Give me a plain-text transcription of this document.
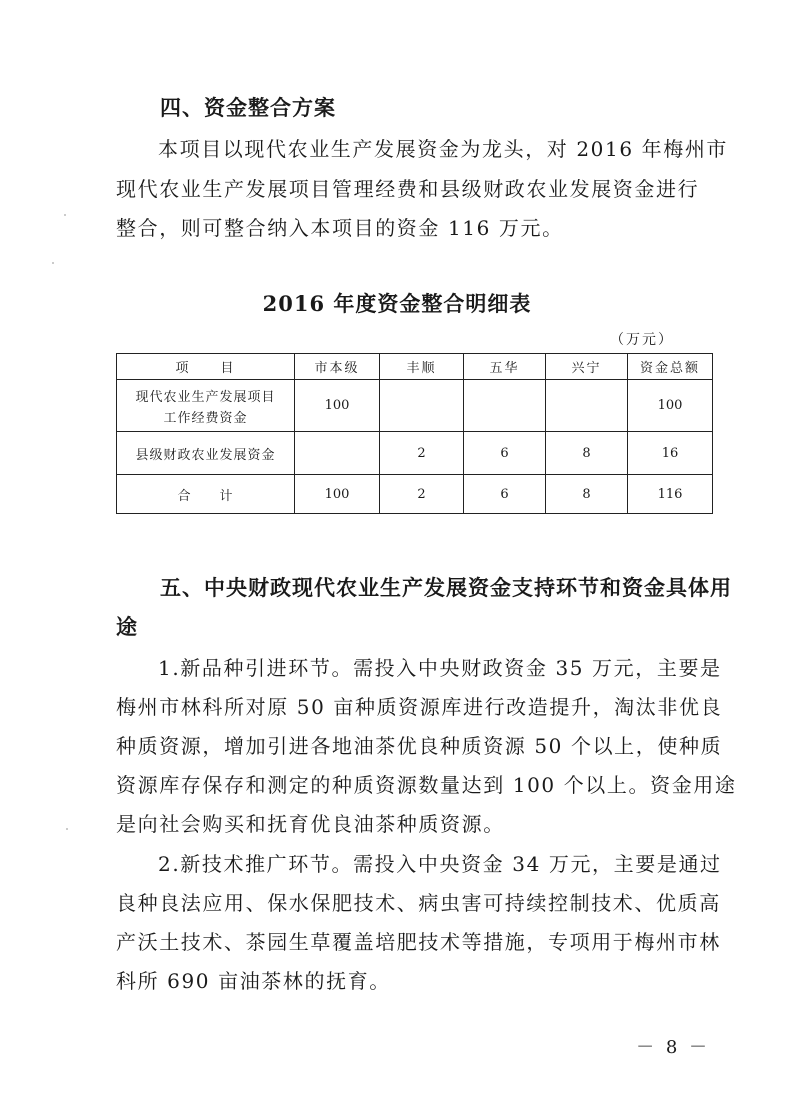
四、资金整合方案
本项目以现代农业生产发展资金为龙头，对 2016 年梅州市
现代农业生产发展项目管理经费和县级财政农业发展资金进行
整合，则可整合纳入本项目的资金 116 万元。
2016 年度资金整合明细表
（万元）
项　　目	市本级	丰顺	五华	兴宁	资金总额

现代农业生产发展项目
工作经费资金	100				100
县级财政农业发展资金		2	6	8	16
合　　计	100	2	6	8	116
五、中央财政现代农业生产发展资金支持环节和资金具体用
途
1.新品种引进环节。需投入中央财政资金 35 万元，主要是
梅州市林科所对原 50 亩种质资源库进行改造提升，淘汰非优良
种质资源，增加引进各地油茶优良种质资源 50 个以上，使种质
资源库存保存和测定的种质资源数量达到 100 个以上。资金用途
是向社会购买和抚育优良油茶种质资源。
2.新技术推广环节。需投入中央资金 34 万元，主要是通过
良种良法应用、保水保肥技术、病虫害可持续控制技术、优质高
产沃土技术、茶园生草覆盖培肥技术等措施，专项用于梅州市林
科所 690 亩油茶林的抚育。
－ 8 －
